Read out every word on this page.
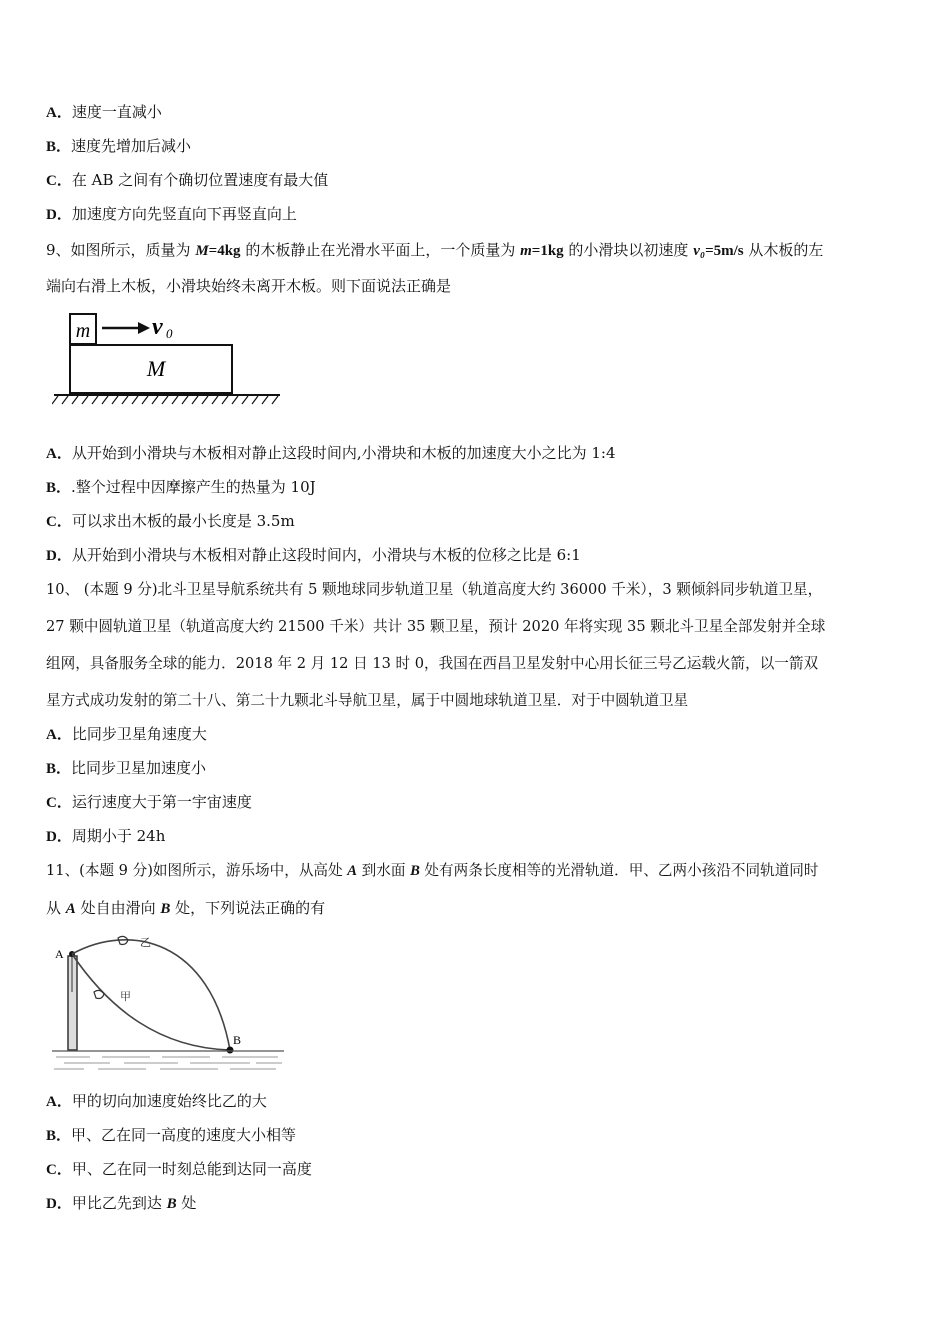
A．速度一直减小
B．速度先增加后减小
C．在 AB 之间有个确切位置速度有最大值
D．加速度方向先竖直向下再竖直向上
9、如图所示，质量为 M=4kg 的木板静止在光滑水平面上，一个质量为 m=1kg 的小滑块以初速度 v₀=5m/s 从木板的左
端向右滑上木板，小滑块始终未离开木板。则下面说法正确是
m	v 0
M
A．从开始到小滑块与木板相对静止这段时间内,小滑块和木板的加速度大小之比为 1:4
B．.整个过程中因摩擦产生的热量为 10J
C．可以求出木板的最小长度是 3.5m
D．从开始到小滑块与木板相对静止这段时间内，小滑块与木板的位移之比是 6:1
10、 (本题 9 分)北斗卫星导航系统共有 5 颗地球同步轨道卫星（轨道高度大约 36000 千米），3 颗倾斜同步轨道卫星，
27 颗中圆轨道卫星（轨道高度大约 21500 千米）共计 35 颗卫星，预计 2020 年将实现 35 颗北斗卫星全部发射并全球
组网，具备服务全球的能力．2018 年 2 月 12 日 13 时 0，我国在西昌卫星发射中心用长征三号乙运载火箭，以一箭双
星方式成功发射的第二十八、第二十九颗北斗导航卫星，属于中圆地球轨道卫星．对于中圆轨道卫星
A．比同步卫星角速度大
B．比同步卫星加速度小
C．运行速度大于第一宇宙速度
D．周期小于 24h
11、(本题 9 分)如图所示，游乐场中，从高处 A 到水面 B 处有两条长度相等的光滑轨道．甲、乙两小孩沿不同轨道同时
从 A 处自由滑向 B 处，下列说法正确的有
A
B
乙
甲
A．甲的切向加速度始终比乙的大
B．甲、乙在同一高度的速度大小相等
C．甲、乙在同一时刻总能到达同一高度
D．甲比乙先到达 B 处
